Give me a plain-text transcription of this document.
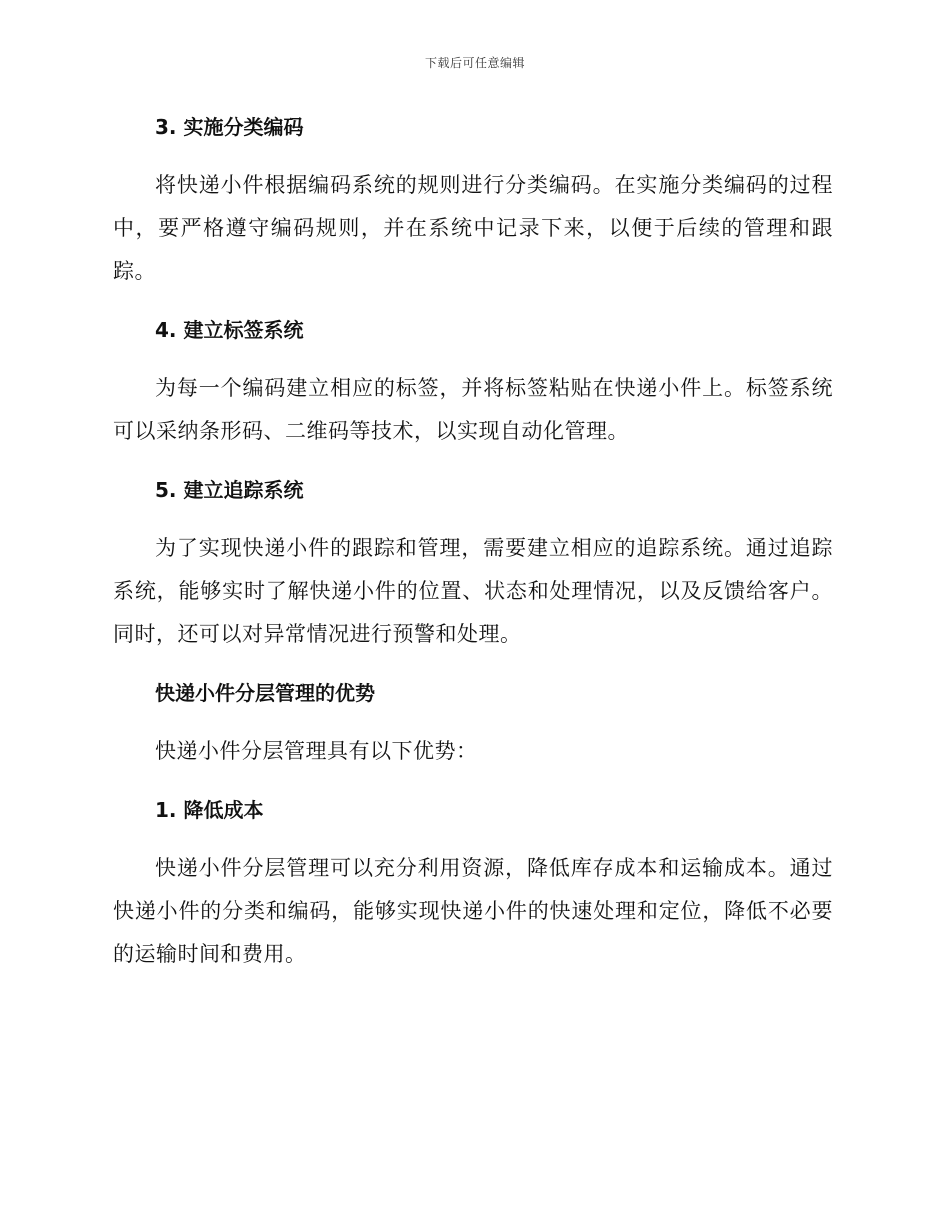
下载后可任意编辑
3. 实施分类编码
将快递小件根据编码系统的规则进行分类编码。在实施分类编码的过程中，要严格遵守编码规则，并在系统中记录下来，以便于后续的管理和跟踪。
4. 建立标签系统
为每一个编码建立相应的标签，并将标签粘贴在快递小件上。标签系统可以采纳条形码、二维码等技术，以实现自动化管理。
5. 建立追踪系统
为了实现快递小件的跟踪和管理，需要建立相应的追踪系统。通过追踪系统，能够实时了解快递小件的位置、状态和处理情况，以及反馈给客户。同时，还可以对异常情况进行预警和处理。
快递小件分层管理的优势
快递小件分层管理具有以下优势：
1. 降低成本
快递小件分层管理可以充分利用资源，降低库存成本和运输成本。通过快递小件的分类和编码，能够实现快递小件的快速处理和定位，降低不必要的运输时间和费用。
